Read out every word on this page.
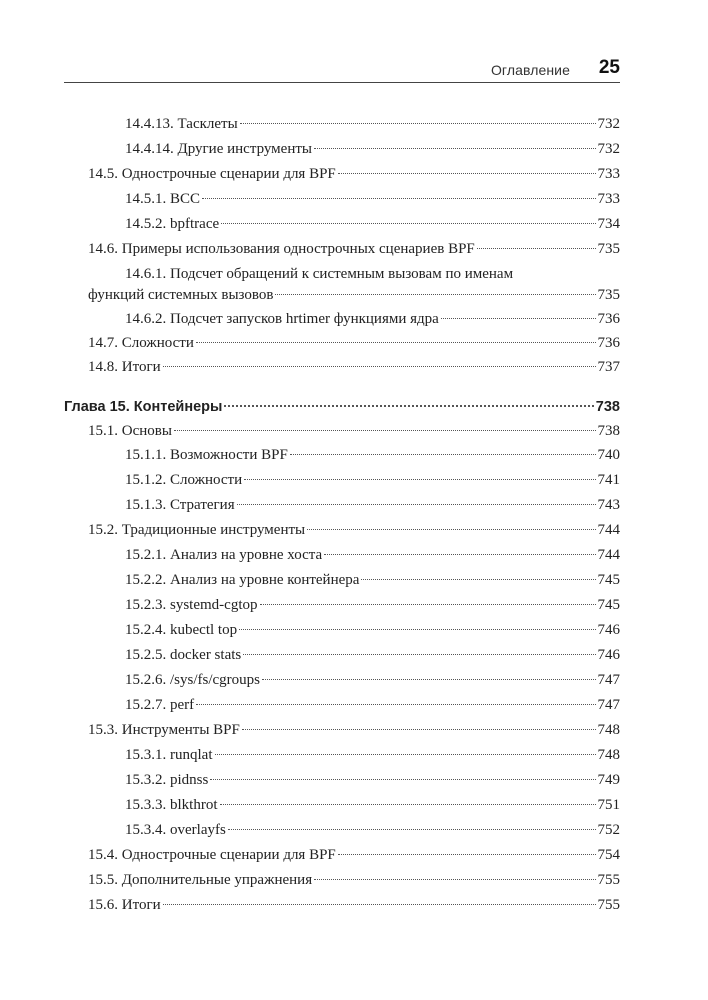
Оглавление 25
14.4.13. Тасклеты	732
14.4.14. Другие инструменты	732
14.5. Однострочные сценарии для BPF	733
14.5.1. BCC	733
14.5.2. bpftrace	734
14.6. Примеры использования однострочных сценариев BPF	735
14.6.1. Подсчет обращений к системным вызовам по именам
функций системных вызовов	735
14.6.2. Подсчет запусков hrtimer функциями ядра	736
14.7. Сложности	736
14.8. Итоги	737
Глава 15. Контейнеры	738
15.1. Основы	738
15.1.1. Возможности BPF	740
15.1.2. Сложности	741
15.1.3. Стратегия	743
15.2. Традиционные инструменты	744
15.2.1. Анализ на уровне хоста	744
15.2.2. Анализ на уровне контейнера	745
15.2.3. systemd-cgtop	745
15.2.4. kubectl top	746
15.2.5. docker stats	746
15.2.6. /sys/fs/cgroups	747
15.2.7. perf	747
15.3. Инструменты BPF	748
15.3.1. runqlat	748
15.3.2. pidnss	749
15.3.3. blkthrot	751
15.3.4. overlayfs	752
15.4. Однострочные сценарии для BPF	754
15.5. Дополнительные упражнения	755
15.6. Итоги	755
